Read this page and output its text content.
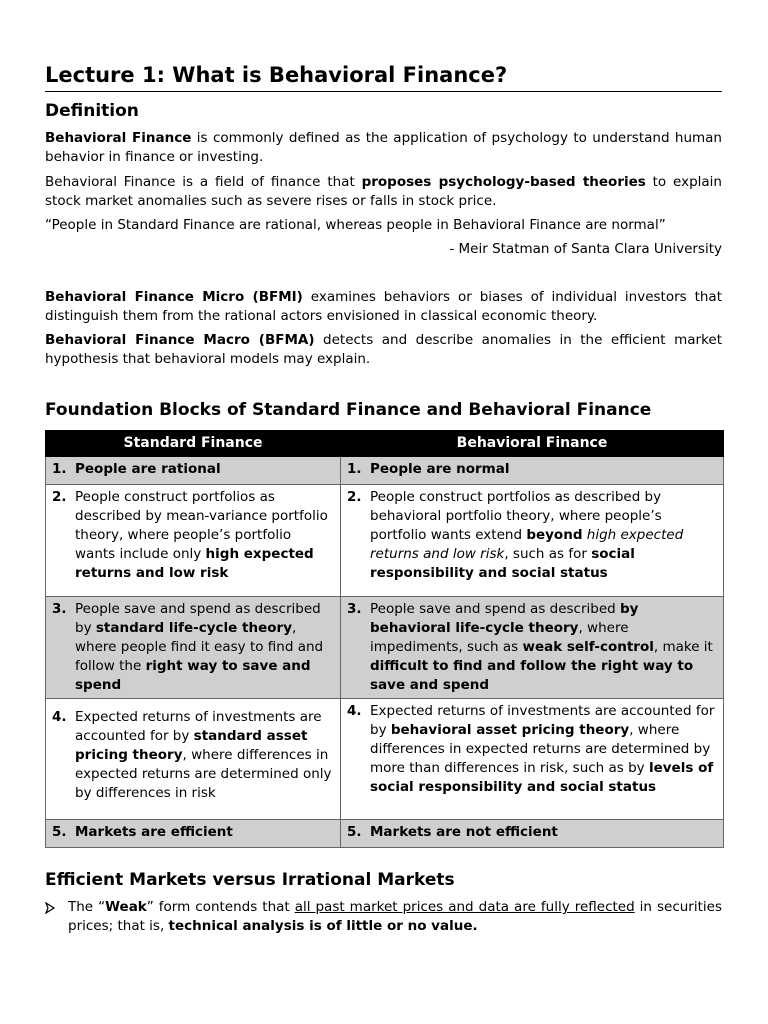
Lecture 1: What is Behavioral Finance?
Definition

Behavioral Finance is commonly defined as the application of psychology to understand human behavior in finance or investing.

Behavioral Finance is a field of finance that proposes psychology-based theories to explain stock market anomalies such as severe rises or falls in stock price.

“People in Standard Finance are rational, whereas people in Behavioral Finance are normal”

- Meir Statman of Santa Clara University

Behavioral Finance Micro (BFMI) examines behaviors or biases of individual investors that distinguish them from the rational actors envisioned in classical economic theory.

Behavioral Finance Macro (BFMA) detects and describe anomalies in the efficient market hypothesis that behavioral models may explain.

Foundation Blocks of Standard Finance and Behavioral Finance
Standard Finance	Behavioral Finance

1. People are rational	1. People are normal

2. People construct portfolios as described by mean-variance portfolio theory, where people’s portfolio wants include only high expected returns and low risk	2. People construct portfolios as described by behavioral portfolio theory, where people’s portfolio wants extend beyond high expected returns and low risk, such as for social responsibility and social status

3. People save and spend as described by standard life-cycle theory, where people find it easy to find and follow the right way to save and spend	3. People save and spend as described by behavioral life-cycle theory, where impediments, such as weak self-control, make it difficult to find and follow the right way to save and spend

4. Expected returns of investments are accounted for by standard asset pricing theory, where differences in expected returns are determined only by differences in risk	4. Expected returns of investments are accounted for by behavioral asset pricing theory, where differences in expected returns are determined by more than differences in risk, such as by levels of social responsibility and social status

5. Markets are efficient	5. Markets are not efficient
Efficient Markets versus Irrational Markets
The “Weak” form contends that all past market prices and data are fully reflected in securities prices; that is, technical analysis is of little or no value.
